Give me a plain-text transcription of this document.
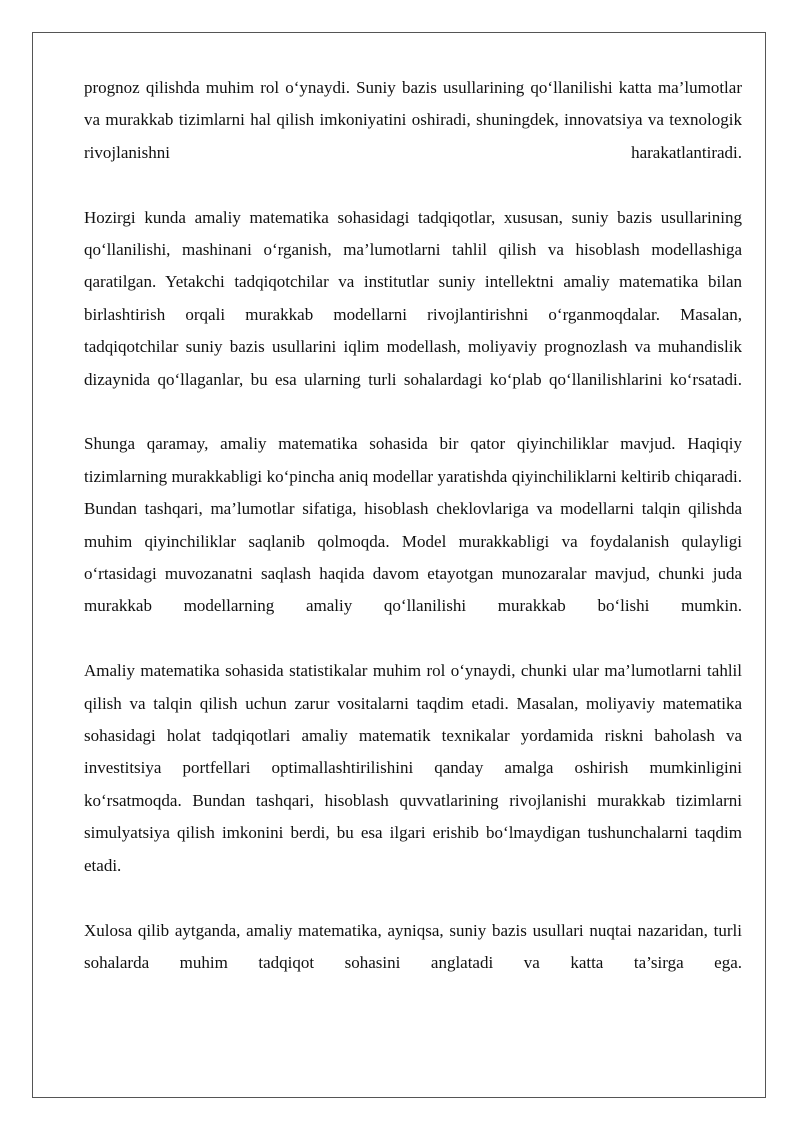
prognoz qilishda muhim rol o‘ynaydi. Suniy bazis usullarining qo‘llanilishi katta ma’lumotlar va murakkab tizimlarni hal qilish imkoniyatini oshiradi, shuningdek, innovatsiya va texnologik rivojlanishni harakatlantiradi.

Hozirgi kunda amaliy matematika sohasidagi tadqiqotlar, xususan, suniy bazis usullarining qo‘llanilishi, mashinani o‘rganish, ma’lumotlarni tahlil qilish va hisoblash modellashiga qaratilgan. Yetakchi tadqiqotchilar va institutlar suniy intellektni amaliy matematika bilan birlashtirish orqali murakkab modellarni rivojlantirishni o‘rganmoqdalar. Masalan, tadqiqotchilar suniy bazis usullarini iqlim modellash, moliyaviy prognozlash va muhandislik dizaynida qo‘llaganlar, bu esa ularning turli sohalardagi ko‘plab qo‘llanilishlarini ko‘rsatadi.

Shunga qaramay, amaliy matematika sohasida bir qator qiyinchiliklar mavjud. Haqiqiy tizimlarning murakkabligi ko‘pincha aniq modellar yaratishda qiyinchiliklarni keltirib chiqaradi. Bundan tashqari, ma’lumotlar sifatiga, hisoblash cheklovlariga va modellarni talqin qilishda muhim qiyinchiliklar saqlanib qolmoqda. Model murakkabligi va foydalanish qulayligi o‘rtasidagi muvozanatni saqlash haqida davom etayotgan munozaralar mavjud, chunki juda murakkab modellarning amaliy qo‘llanilishi murakkab bo‘lishi mumkin.

Amaliy matematika sohasida statistikalar muhim rol o‘ynaydi, chunki ular ma’lumotlarni tahlil qilish va talqin qilish uchun zarur vositalarni taqdim etadi. Masalan, moliyaviy matematika sohasidagi holat tadqiqotlari amaliy matematik texnikalar yordamida riskni baholash va investitsiya portfellari optimallashtirilishini qanday amalga oshirish mumkinligini ko‘rsatmoqda. Bundan tashqari, hisoblash quvvatlarining rivojlanishi murakkab tizimlarni simulyatsiya qilish imkonini berdi, bu esa ilgari erishib bo‘lmaydigan tushunchalarni taqdim etadi.

Xulosa qilib aytganda, amaliy matematika, ayniqsa, suniy bazis usullari nuqtai nazaridan, turli sohalarda muhim tadqiqot sohasini anglatadi va katta ta’sirga ega.
